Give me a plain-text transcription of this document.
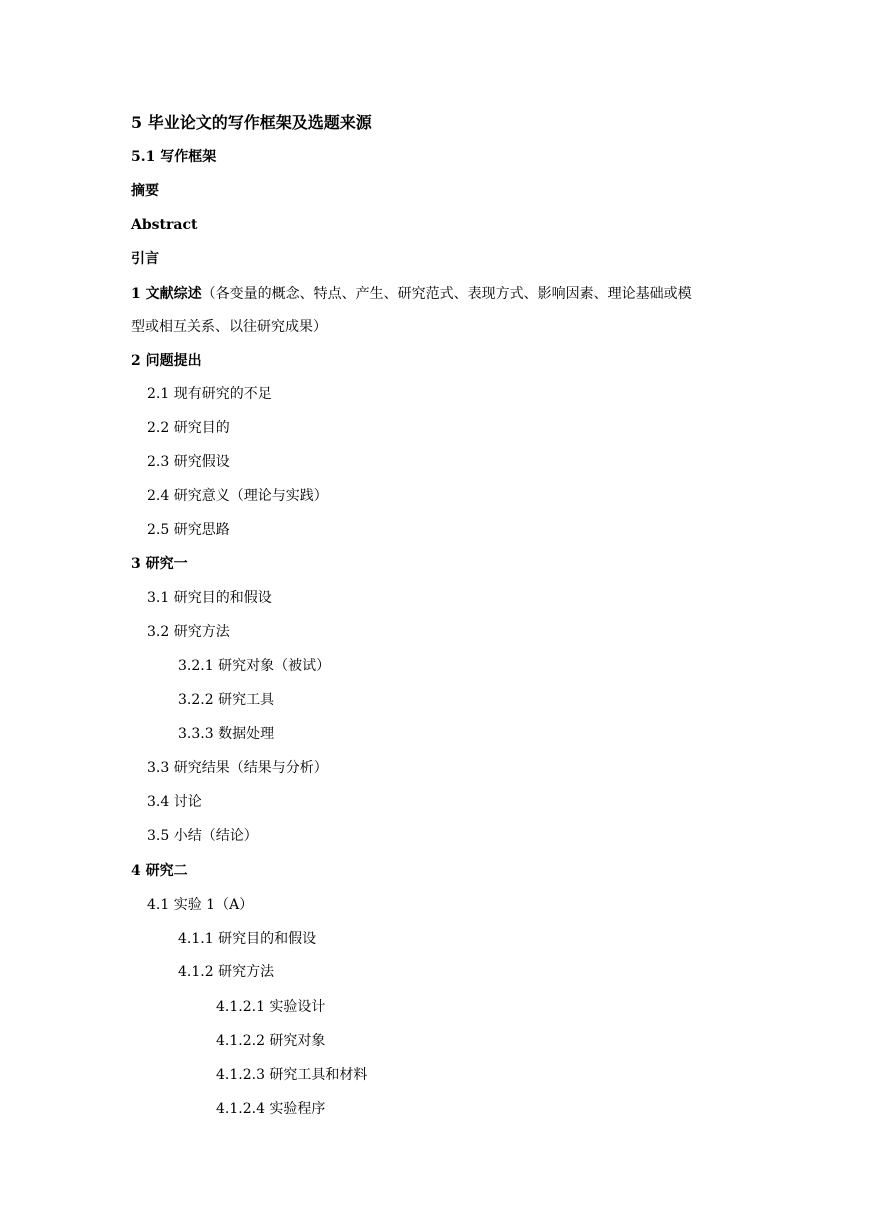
5 毕业论文的写作框架及选题来源
5.1 写作框架
摘要
Abstract
引言
1 文献综述（各变量的概念、特点、产生、研究范式、表现方式、影响因素、理论基础或模
型或相互关系、以往研究成果）
2 问题提出
2.1 现有研究的不足
2.2 研究目的
2.3 研究假设
2.4 研究意义（理论与实践）
2.5 研究思路
3 研究一
3.1 研究目的和假设
3.2 研究方法
3.2.1 研究对象（被试）
3.2.2 研究工具
3.3.3 数据处理
3.3 研究结果（结果与分析）
3.4 讨论
3.5 小结（结论）
4 研究二
4.1 实验 1（A）
4.1.1 研究目的和假设
4.1.2 研究方法
4.1.2.1 实验设计
4.1.2.2 研究对象
4.1.2.3 研究工具和材料
4.1.2.4 实验程序
